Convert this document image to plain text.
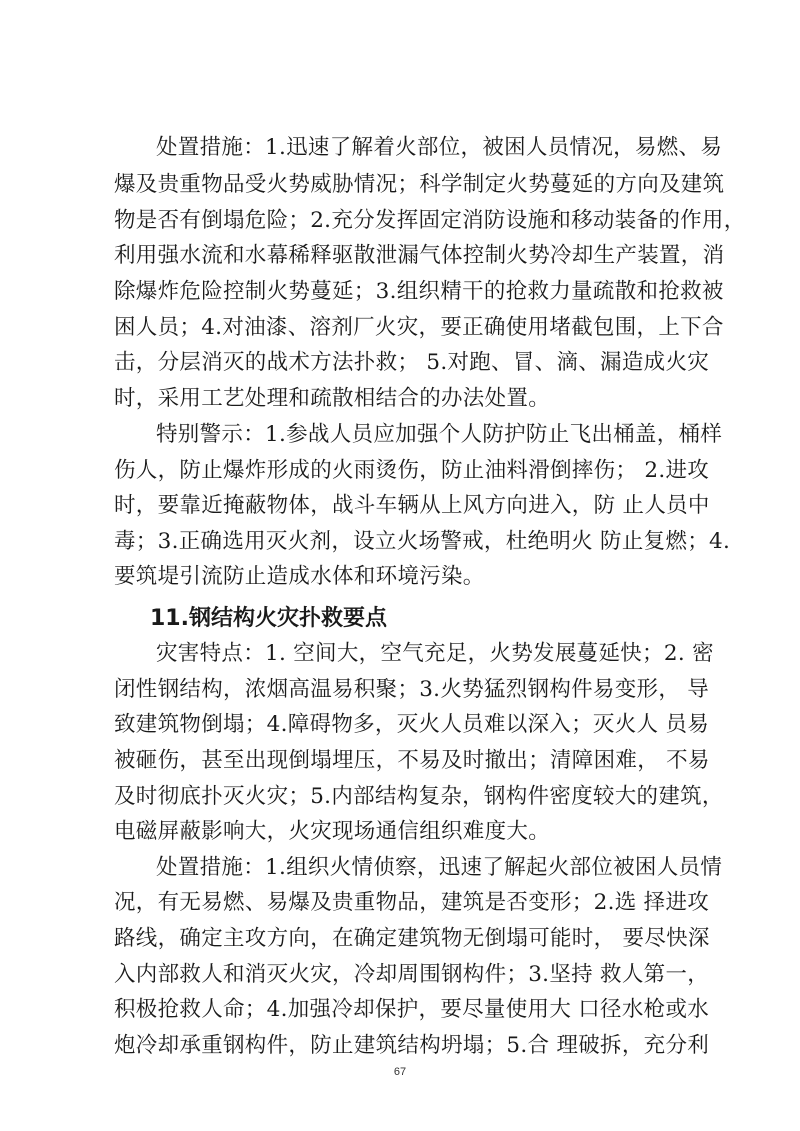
处置措施：1.迅速了解着火部位，被困人员情况，易燃、易
爆及贵重物品受火势威胁情况；科学制定火势蔓延的方向及建筑
物是否有倒塌危险；2.充分发挥固定消防设施和移动装备的作用，
利用强水流和水幕稀释驱散泄漏气体控制火势冷却生产装置，消
除爆炸危险控制火势蔓延；3.组织精干的抢救力量疏散和抢救被
困人员；4.对油漆、溶剂厂火灾，要正确使用堵截包围，上下合
击，分层消灭的战术方法扑救； 5.对跑、冒、滴、漏造成火灾
时，采用工艺处理和疏散相结合的办法处置。
特别警示：1.参战人员应加强个人防护防止飞出桶盖，桶样
伤人，防止爆炸形成的火雨烫伤，防止油料滑倒摔伤； 2.进攻
时，要靠近掩蔽物体，战斗车辆从上风方向进入，防 止人员中
毒；3.正确选用灭火剂，设立火场警戒，杜绝明火 防止复燃；4.
要筑堤引流防止造成水体和环境污染。
11.钢结构火灾扑救要点
灾害特点：1. 空间大，空气充足，火势发展蔓延快；2. 密
闭性钢结构，浓烟高温易积聚；3.火势猛烈钢构件易变形， 导
致建筑物倒塌；4.障碍物多，灭火人员难以深入；灭火人 员易
被砸伤，甚至出现倒塌埋压，不易及时撤出；清障困难， 不易
及时彻底扑灭火灾；5.内部结构复杂，钢构件密度较大的建筑，
电磁屏蔽影响大，火灾现场通信组织难度大。
处置措施：1.组织火情侦察，迅速了解起火部位被困人员情
况，有无易燃、易爆及贵重物品，建筑是否变形；2.选 择进攻
路线，确定主攻方向，在确定建筑物无倒塌可能时， 要尽快深
入内部救人和消灭火灾，冷却周围钢构件；3.坚持 救人第一，
积极抢救人命；4.加强冷却保护，要尽量使用大 口径水枪或水
炮冷却承重钢构件，防止建筑结构坍塌；5.合 理破拆，充分利
67
